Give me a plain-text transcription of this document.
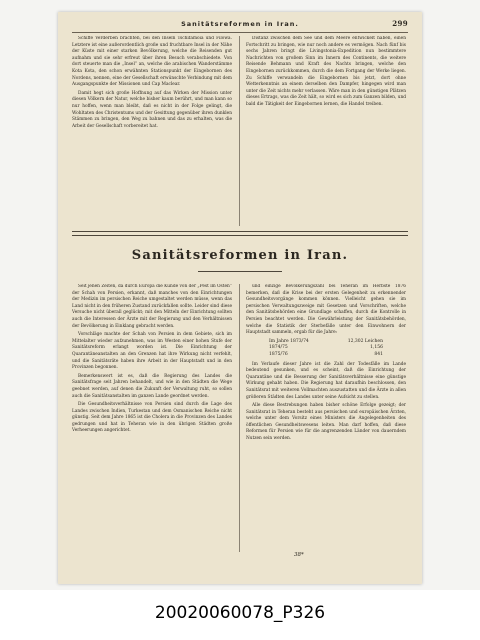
Sanitätsreformen in Iran.	299

Schiffe Verderben brachten, bei den Inseln Tschifamoia und Filowa. Letztere ist eine außerordentlich große und fruchtbare Insel in der Nähe der Küste mit einer starken Bevölkerung, welche die Reisenden gut aufnahm und sie sehr erfreut über ihren Besuch verabschiedete. Von dort steuerte man die „Insel“ an, welche die arabischen Wanderstämme Kota Kota, den schon erwähnten Stationspunkt der Eingebornen des Nordens, nennen, eine der Gesellschaft erwünschte Verbindung mit dem Ausgangspunkte der Missionen und Cap Maclear.

Damit hegt sich große Hoffnung auf das Wirken der Mission unter diesen Völkern der Natur, welche bisher kaum berührt, und man kann so nur hoffen, wenn man bleibt, daß es nicht in der Folge gelingt, die Wohltaten des Christentums und der Gesittung gegenüber ihren dunklen Stämmen zu bringen, den Weg zu bahnen und das zu erhalten, was die Arbeit der Gesellschaft vorbereitet hat.

Distanz zwischen dem See und dem Meere entwickelt haben, einen Fortschritt zu bringen, wie nur noch andere es vermögen. Nach fünf bis sechs Jahren bringt die Livingstonia-Expedition nun bestimmtere Nachrichten von großem Sinn im Innern des Continents, die weitere Reisende Behmann und Kraft des Nachts bringen, welche den Eingebornen zurückkommen, durch die dem Fortgang der Werke liegen. Zu Schiffe verwandeln die Eingebornen bis jetzt, dort ohne Wetterkenntnis an einem derselben den Dampfer, hingegen wird man unter die Zeit nichts mehr verlassen. Wäre man in den günstigen Plätzen dieses Ertrags, was die Zeit hält, so wird es sich zum Ganzen bilden, und bald die Tätigkeit der Eingebornen lernen, die Handel treiben.

Sanitätsreformen in Iran.

Seit jenen Zeiten, da durch Europa die Kunde von der „Pest im Osten“ der Schah von Persien, erkannt, daß manches von den Einrichtungen der Medizin im persischen Reiche umgestaltet werden müsse, wenn das Land nicht in den früheren Zustand zurückfallen sollte. Leider sind diese Versuche nicht überall geglückt; mit den Mitteln der Einrichtung sollten auch die Interessen der Ärzte mit der Regierung und den Verhältnissen der Bevölkerung in Einklang gebracht werden.

Vorschläge machte der Schah von Persien in dem Gebiete, sich im Mittelalter wieder aufzunehmen, was im Westen einer hohen Stufe der Sanitätsreform erlangt worden ist. Die Einrichtung der Quarantäneanstalten an den Grenzen hat ihre Wirkung nicht verfehlt, und die Sanitätsräte haben ihre Arbeit in der Hauptstadt und in den Provinzen begonnen.

Bemerkenswert ist es, daß die Regierung des Landes die Sanitätsfrage seit Jahren behandelt, und wie in den Städten die Wege geebnet werden, auf denen die Zukunft der Verwaltung ruht, so sollen auch die Sanitätsanstalten im ganzen Lande geordnet werden.

Die Gesundheitsverhältnisse von Persien sind durch die Lage des Landes zwischen Indien, Turkestan und dem Osmanischen Reiche nicht günstig. Seit dem Jahre 1865 ist die Cholera in die Provinzen des Landes gedrungen und hat in Teheran wie in den übrigen Städten große Verheerungen angerichtet.

und einzige Bevölkerungszahl bei Teheran im Herbste 1876 bemerken, daß die Krise bei der ersten Gelegenheit zu erkennender Gesundheitsvorgänge kommen können. Vielleicht gehen sie im persischen Verwaltungszweige mit Gesetzen und Vorschriften, welche den Sanitätsbehörden eine Grundlage schaffen, durch die Kontrolle in Persien beachtet werden. Die Gewährleistung der Sanitätsbehörden, welche die Statistik der Sterbefälle unter den Einwohnern der Hauptstadt sammeln, ergab für die Jahre:

Im Jahre 1873/74	12,302 Leichen
1874/75	1,156
1875/76	841

Im Verlaufe dieser Jahre ist die Zahl der Todesfälle im Lande bedeutend gesunken, und es scheint, daß die Einrichtung der Quarantäne und die Besserung der Sanitätsverhältnisse eine günstige Wirkung gehabt haben. Die Regierung hat daraufhin beschlossen, den Sanitätsrat mit weiteren Vollmachten auszustatten und die Ärzte in allen größeren Städten des Landes unter seine Aufsicht zu stellen.

Alle diese Bestrebungen haben bisher schöne Erfolge gezeigt; der Sanitätsrat in Teheran besteht aus persischen und europäischen Ärzten, welche unter dem Vorsitz eines Ministers die Angelegenheiten des öffentlichen Gesundheitswesens leiten. Man darf hoffen, daß diese Reformen für Persien wie für die angrenzenden Länder von dauerndem Nutzen sein werden.

38*
20020060078_P326
